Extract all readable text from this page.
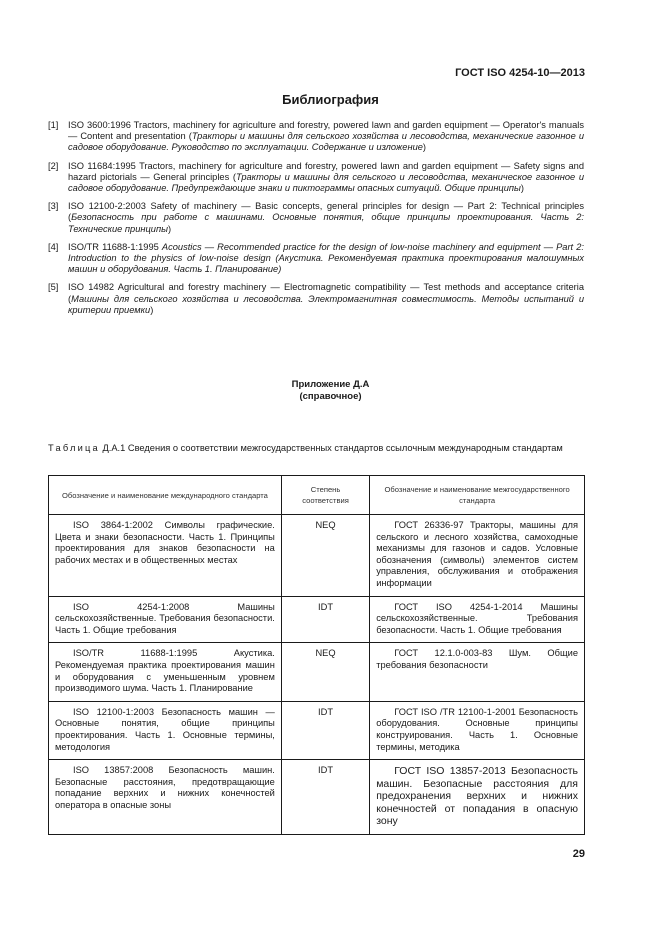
ГОСТ ISO 4254-10—2013
Библиография
[1]	ISO 3600:1996 Tractors, machinery for agriculture and forestry, powered lawn and garden equipment — Operator's manuals — Content and presentation (Тракторы и машины для сельского хозяйства и лесоводства, механические газонное и садовое оборудование. Руководство по эксплуатации. Содержание и изложение)
[2]	ISO 11684:1995 Tractors, machinery for agriculture and forestry, powered lawn and garden equipment — Safety signs and hazard pictorials — General principles (Тракторы и машины для сельского и лесоводства, механическое газонное и садовое оборудование. Предупреждающие знаки и пиктограммы опасных ситуаций. Общие принципы)
[3]	ISO 12100-2:2003 Safety of machinery — Basic concepts, general principles for design — Part 2: Technical principles (Безопасность при работе с машинами. Основные понятия, общие принципы проектирования. Часть 2: Технические принципы)
[4]	ISO/TR 11688-1:1995 Acoustics — Recommended practice for the design of low-noise machinery and equipment — Part 2: Introduction to the physics of low-noise design (Акустика. Рекомендуемая практика проектирования малошумных машин и оборудования. Часть 1. Планирование)
[5]	ISO 14982 Agricultural and forestry machinery — Electromagnetic compatibility — Test methods and acceptance criteria (Машины для сельского хозяйства и лесоводства. Электромагнитная совместимость. Методы испытаний и критерии приемки)
Приложение Д.А
(справочное)
Таблица Д.А.1 Сведения о соответствии межгосударственных стандартов ссылочным международным стандартам
Обозначение и наименование международного стандарта	Степень соответствия	Обозначение и наименование межгосударственного стандарта
ISO 3864-1:2002 Символы графические. Цвета и знаки безопасности. Часть 1. Принципы проектирования для знаков безопасности на рабочих местах и в общественных местах	NEQ	ГОСТ 26336-97 Тракторы, машины для сельского и лесного хозяйства, самоходные механизмы для газонов и садов. Условные обозначения (символы) элементов систем управления, обслуживания и отображения информации
ISO 4254-1:2008 Машины сельскохозяйственные. Требования безопасности. Часть 1. Общие требования	IDT	ГОСТ ISO 4254-1-2014 Машины сельскохозяйственные. Требования безопасности. Часть 1. Общие требования
ISO/TR 11688-1:1995 Акустика. Рекомендуемая практика проектирования машин и оборудования с уменьшенным уровнем производимого шума. Часть 1. Планирование	NEQ	ГОСТ 12.1.0-003-83 Шум. Общие требования безопасности
ISO 12100-1:2003 Безопасность машин — Основные понятия, общие принципы проектирования. Часть 1. Основные термины, методология	IDT	ГОСТ ISO /TR 12100-1-2001 Безопасность оборудования. Основные принципы конструирования. Часть 1. Основные термины, методика
ISO 13857:2008 Безопасность машин. Безопасные расстояния, предотвращающие попадание верхних и нижних конечностей оператора в опасные зоны	IDT	ГОСТ ISO 13857-2013 Безопасность машин. Безопасные расстояния для предохранения верхних и нижних конечностей от попадания в опасную зону
29
